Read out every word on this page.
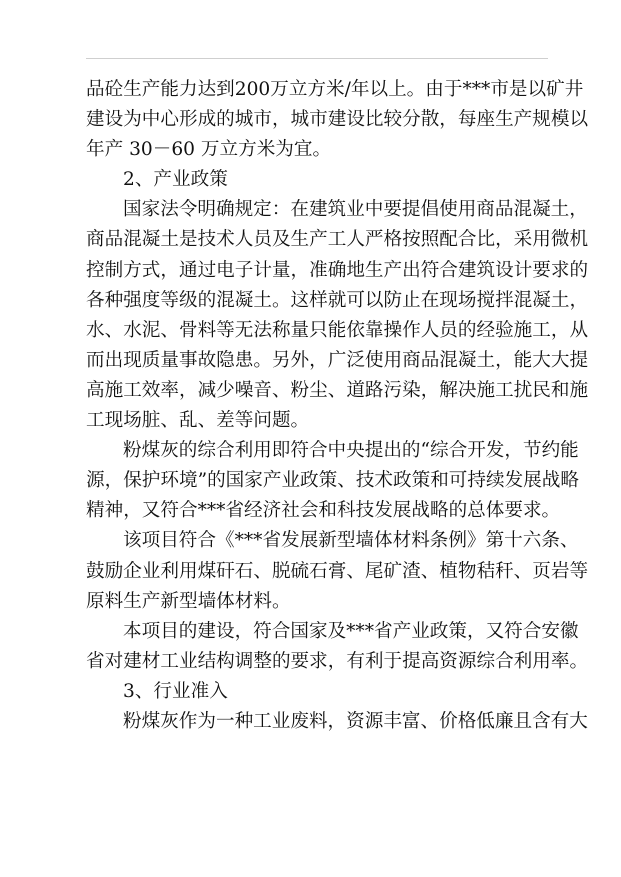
品砼生产能力达到200万立方米/年以上。由于***市是以矿井
建设为中心形成的城市，城市建设比较分散，每座生产规模以
年产 30－60 万立方米为宜。
2、产业政策
国家法令明确规定：在建筑业中要提倡使用商品混凝土，
商品混凝土是技术人员及生产工人严格按照配合比，采用微机
控制方式，通过电子计量，准确地生产出符合建筑设计要求的
各种强度等级的混凝土。这样就可以防止在现场搅拌混凝土，
水、水泥、骨料等无法称量只能依靠操作人员的经验施工，从
而出现质量事故隐患。另外，广泛使用商品混凝土，能大大提
高施工效率，减少噪音、粉尘、道路污染，解决施工扰民和施
工现场脏、乱、差等问题。
粉煤灰的综合利用即符合中央提出的“综合开发，节约能
源，保护环境”的国家产业政策、技术政策和可持续发展战略
精神，又符合***省经济社会和科技发展战略的总体要求。
该项目符合《***省发展新型墙体材料条例》第十六条、
鼓励企业利用煤矸石、脱硫石膏、尾矿渣、植物秸秆、页岩等
原料生产新型墙体材料。
本项目的建设，符合国家及***省产业政策，又符合安徽
省对建材工业结构调整的要求，有利于提高资源综合利用率。
3、行业准入
粉煤灰作为一种工业废料，资源丰富、价格低廉且含有大
